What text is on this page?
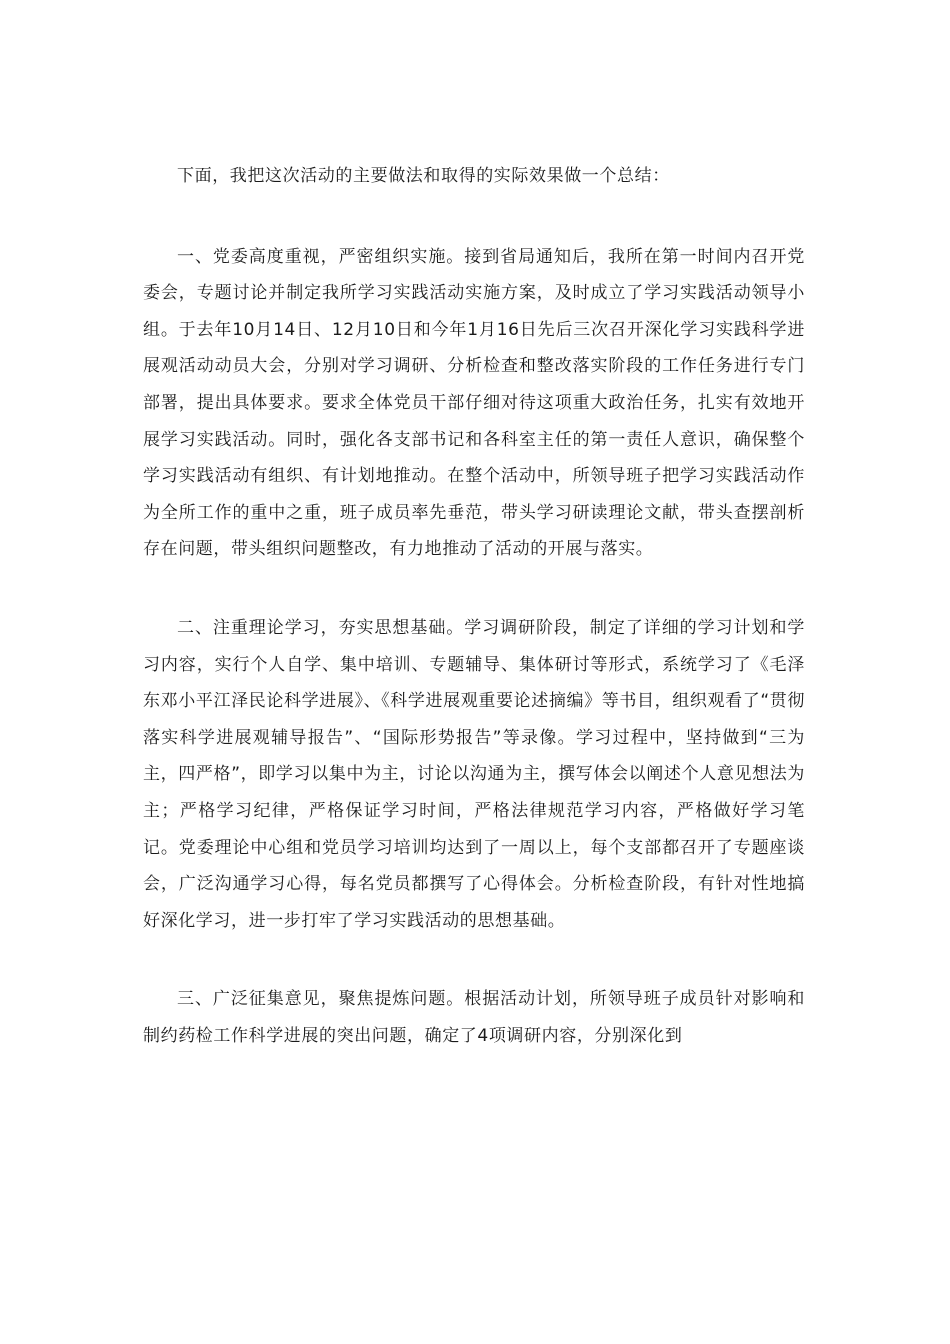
下面，我把这次活动的主要做法和取得的实际效果做一个总结：

一、党委高度重视，严密组织实施。接到省局通知后，我所在第一时间内召开党委会，专题讨论并制定我所学习实践活动实施方案，及时成立了学习实践活动领导小组。于去年10月14日、12月10日和今年1月16日先后三次召开深化学习实践科学进展观活动动员大会，分别对学习调研、分析检查和整改落实阶段的工作任务进行专门部署，提出具体要求。要求全体党员干部仔细对待这项重大政治任务，扎实有效地开展学习实践活动。同时，强化各支部书记和各科室主任的第一责任人意识，确保整个学习实践活动有组织、有计划地推动。在整个活动中，所领导班子把学习实践活动作为全所工作的重中之重，班子成员率先垂范，带头学习研读理论文献，带头查摆剖析存在问题，带头组织问题整改，有力地推动了活动的开展与落实。

二、注重理论学习，夯实思想基础。学习调研阶段，制定了详细的学习计划和学习内容，实行个人自学、集中培训、专题辅导、集体研讨等形式，系统学习了《毛泽东邓小平江泽民论科学进展》、《科学进展观重要论述摘编》等书目，组织观看了“贯彻落实科学进展观辅导报告”、“国际形势报告”等录像。学习过程中，坚持做到“三为主，四严格”，即学习以集中为主，讨论以沟通为主，撰写体会以阐述个人意见想法为主；严格学习纪律，严格保证学习时间，严格法律规范学习内容，严格做好学习笔记。党委理论中心组和党员学习培训均达到了一周以上，每个支部都召开了专题座谈会，广泛沟通学习心得，每名党员都撰写了心得体会。分析检查阶段，有针对性地搞好深化学习，进一步打牢了学习实践活动的思想基础。

三、广泛征集意见，聚焦提炼问题。根据活动计划，所领导班子成员针对影响和制约药检工作科学进展的突出问题，确定了4项调研内容，分别深化到
